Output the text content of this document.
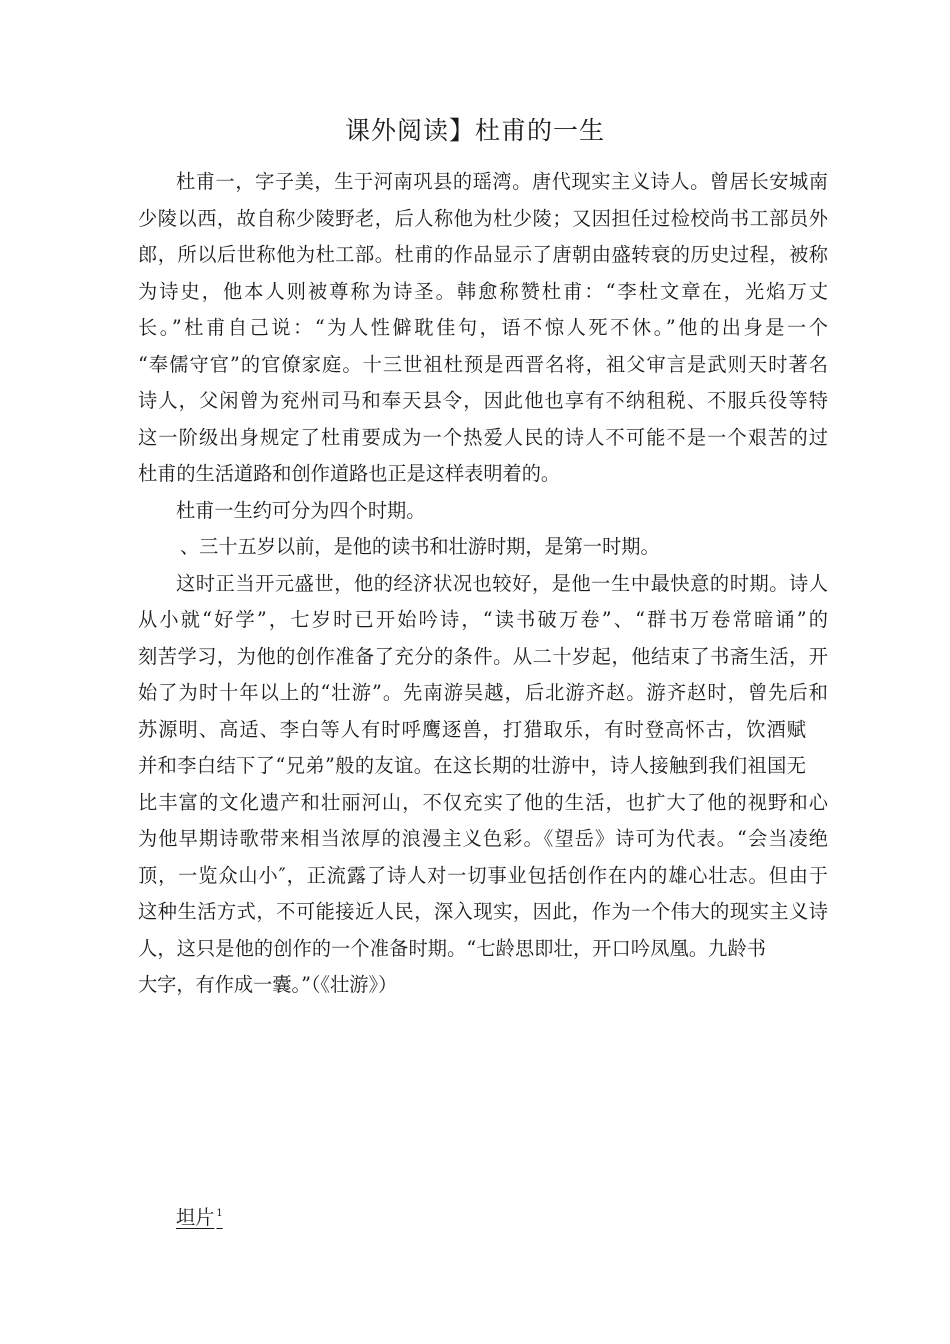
课外阅读】杜甫的一生
杜甫一，字子美，生于河南巩县的瑶湾。唐代现实主义诗人。曾居长安城南
少陵以西，故自称少陵野老，后人称他为杜少陵；又因担任过检校尚书工部员外
郎，所以后世称他为杜工部。杜甫的作品显示了唐朝由盛转衰的历史过程，被称
为诗史，他本人则被尊称为诗圣。韩愈称赞杜甫：“李杜文章在，光焰万丈
长。”杜甫自己说：“为人性僻耽佳句，语不惊人死不休。”他的出身是一个
“奉儒守官”的官僚家庭。十三世祖杜预是西晋名将，祖父审言是武则天时著名
诗人，父闲曾为兖州司马和奉天县令，因此他也享有不纳租税、不服兵役等特
这一阶级出身规定了杜甫要成为一个热爱人民的诗人不可能不是一个艰苦的过
杜甫的生活道路和创作道路也正是这样表明着的。
杜甫一生约可分为四个时期。
、三十五岁以前，是他的读书和壮游时期，是第一时期。
这时正当开元盛世，他的经济状况也较好，是他一生中最快意的时期。诗人
从小就“好学”，七岁时已开始吟诗，“读书破万卷”、“群书万卷常暗诵”的
刻苦学习，为他的创作准备了充分的条件。从二十岁起，他结束了书斋生活，开
始了为时十年以上的“壮游”。先南游吴越，后北游齐赵。游齐赵时，曾先后和
苏源明、高适、李白等人有时呼鹰逐兽，打猎取乐，有时登高怀古，饮酒赋
并和李白结下了“兄弟”般的友谊。在这长期的壮游中，诗人接触到我们祖国无
比丰富的文化遗产和壮丽河山，不仅充实了他的生活，也扩大了他的视野和心
为他早期诗歌带来相当浓厚的浪漫主义色彩。《望岳》诗可为代表。“会当凌绝
顶，一览众山小″，正流露了诗人对一切事业包括创作在内的雄心壮志。但由于
这种生活方式，不可能接近人民，深入现实，因此，作为一个伟大的现实主义诗
人，这只是他的创作的一个准备时期。“七龄思即壮，开口吟凤凰。九龄书
大字，有作成一囊。”（《壮游》）
坦片 $^1$
